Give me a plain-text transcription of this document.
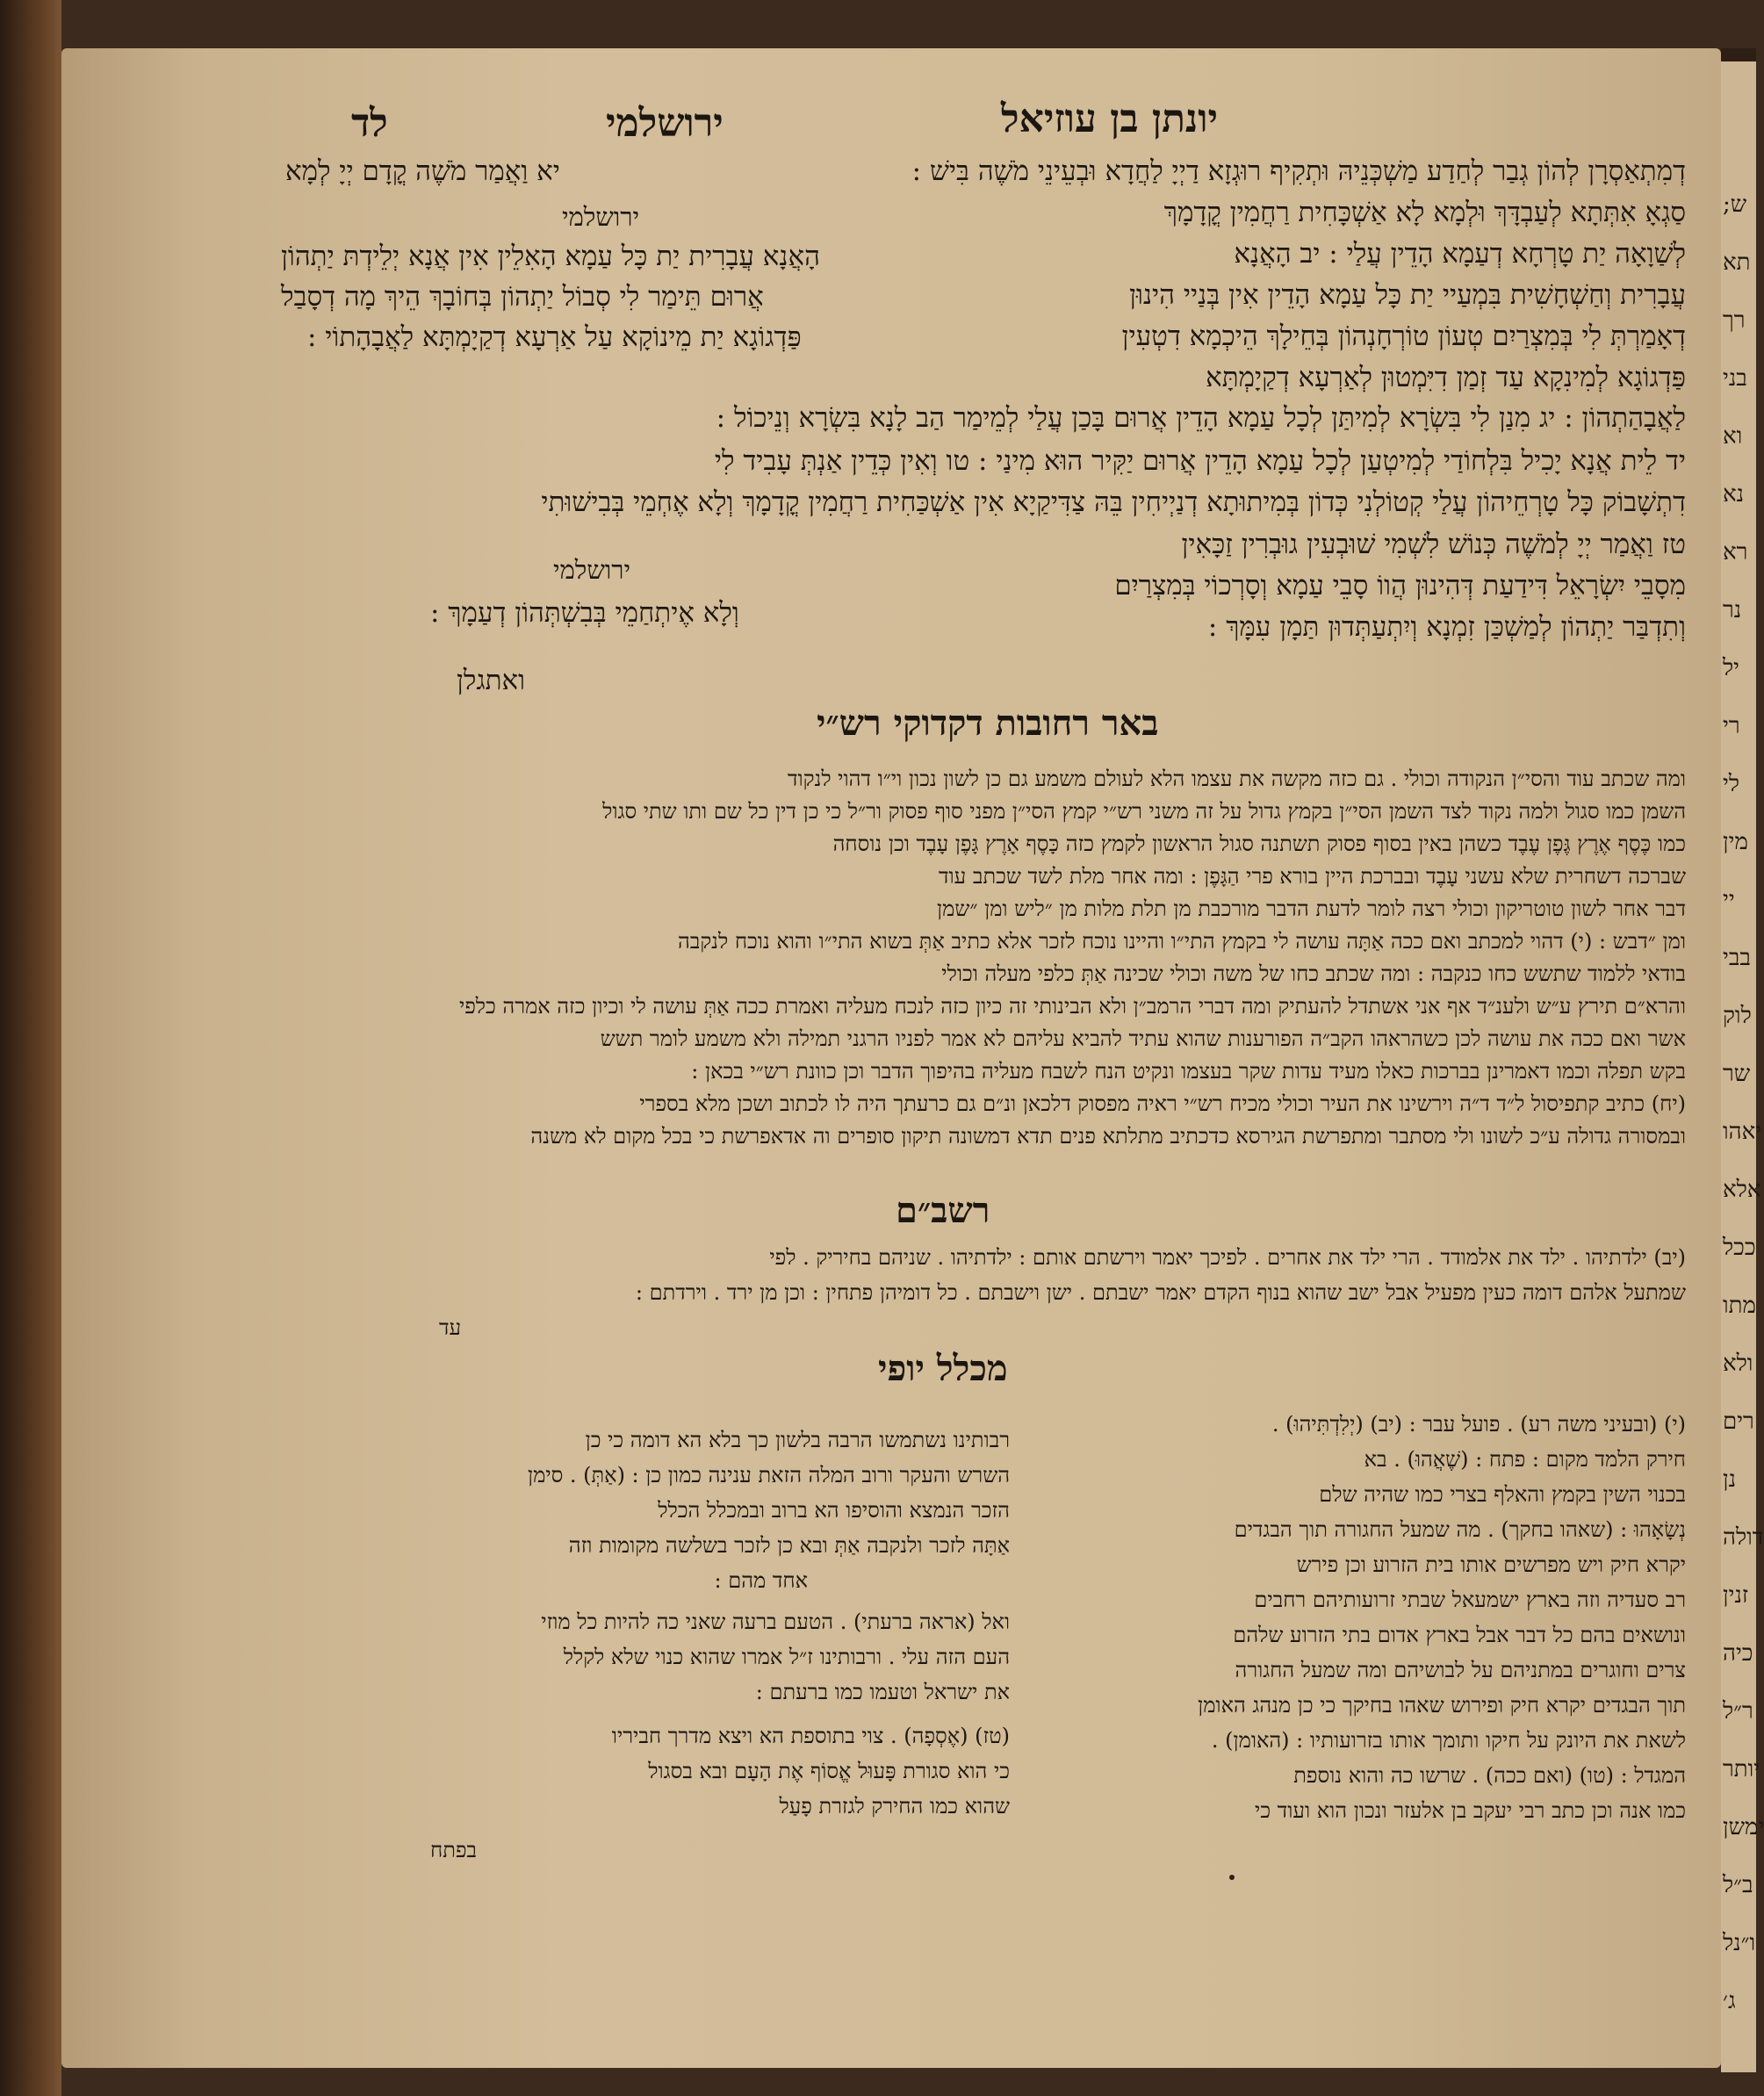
לד	ירושלמי	יונתן בן עוזיאל
דְמִתְאַסְרָן לְהוֹן גְבַר לְחַדַע מַשְׁכְּנֵיהּ וּתְקִיף רוּגְזָא דַיְיָ לַחֲדָא וּבְעֵינֵי מֹשֶׁה בִּישׁ :
סַגְאָ אִתְּתָא לְעַבְדָּךְ וּלְמָא לָא אַשְׁכָּחִית רַחֲמִין קֳדָמָךְ
לְשַׁוָאָה יַת טָרְחָא דְעַמָא הָדֵין עֲלַי : יב הָאֲנָא
עֲבָרִית וְחַשְׁחָשִׁית בִּמְעַיי יַת כָּל עַמָא הָדֵין אִין בְּנַיי הִינוּן
דְאָמַרְתְּ לִי בְּמִצְרַיִם טְעוֹן טוֹרְחָנְהוֹן בְּחֵילָךְ הֵיכְמָא דִטְעִין
פַּדְגוֹגָא לְמִינִקָא עַד זְמַן דִיִּמְטוּן לְאַרְעָא דְקַיָמְתָּא
יא וַאֲמַר מֹשֶׁה קֳדָם יְיָ לְמָא
ירושלמי
הָאֲנָא עֲבָרִית יַת כָּל עַמָא הָאִלֵין אִין אֲנָא יְלֵידְתּ יַתְהוֹן
אֲרוּם תֵּימַר לִי סְבוֹל יַתְהוֹן בְּחוֹבָךְ הֵיךְ מָה דְסָבַל
פַּדְגוֹגָא יַת מֵינוֹקָא עַל אַרְעָא דְקַיָמְתָּא לַאֲבָהָתוֹי :
לַאֲבָהַתְהוֹן : יג מִנַן לִי בִּשְׂרָא לְמִיתַּן לְכָל עַמָא הָדֵין אֲרוּם בָּכַן עֲלַי לְמֵימַר הַב לָנָא בִּשְׂרָא וְנֵיכוֹל :
יד לֵית אֲנָא יָכִיל בִּלְחוֹדַי לְמִיטְעַן לְכָל עַמָא הָדֵין אֲרוּם יַקִּיר הוּא מִינַי : טו וְאִין כְּדֵין אַנְתְּ עָבִיד לִי
דִתְשָׁבוֹק כָּל טָרְחֵיהוֹן עֲלַי קְטוֹלְנִי כְּדוֹן בְּמִיתוּתָא דְנַיְיחִין בֵּהּ צַדִּיקַיָא אִין אַשְׁכַּחִית רַחֲמִין קֳדָמָךְ וְלָא אֶחְמֵי בְּבִישׁוּתִי
טז וַאֲמַר יְיָ לְמֹשֶׁה כְּנוֹשׁ לִשְׁמִי שׁוּבְעִין גוּבְרִין זַכָּאִין
מִסָבֵי יִשְׂרָאֵל דִּידַעַת דְּהִינוּן הֲווֹ סָבֵי עַמָא וְסָרְכוֹי בְּמִצְרַיִם
וְתִדְבַּר יַתְהוֹן לְמַשְׁכַּן זִמְנָא וְיִתְעַתְּדוּן תַּמָן עִמָּךְ :
ירושלמי
וְלָא אֶיתְחַמֵי בְּבִשְׁתְּהוֹן דְעַמָךְ :
ואתגלן
באר רחובות דקדוקי רש״י
ומה שכתב עוד והסי״ן הנקודה וכולי . גם כזה מקשה את עצמו הלא לעולם משמע גם כן לשון נכון וי״ו דהוי לנקוד
השמן כמו סגול ולמה נקוד לצד השמן הסי״ן בקמץ גדול על זה משני רש״י קמץ הסי״ן מפני סוף פסוק ור״ל כי כן דין כל שם ותו שתי סגול
כמו כֶּסֶף אֶרֶץ גֶּפֶן עֶבֶד כשהן באין בסוף פסוק תשתנה סגול הראשון לקמץ כזה כָּסֶף אָרֶץ גָּפֶן עָבֶד וכן נוסחה
שברכה דשחרית שלא עשני עָבֶד ובברכת היין בורא פרי הַגָּפֶן : ומה אחר מלת לשד שכתב עוד
דבר אחר לשון טוטריקון וכולי רצה לומר לדעת הדבר מורכבת מן תלת מלות מן ״ליש ומן ״שמן
ומן ״דבש : (י) דהוי למכתב ואם ככה אַתָּה עושה לי בקמץ התי״ו והיינו נוכח לזכר אלא כתיב אַתְּ בשוא התי״ו והוא נוכח לנקבה
בודאי ללמוד שתשש כחו כנקבה : ומה שכתב כחו של משה וכולי שכינה אַתְּ כלפי מעלה וכולי
והרא״ם תירץ ע״ש ולענ״ד אף אני אשתדל להעתיק ומה דברי הרמב״ן ולא הבינותי זה כיון כזה לנכח מעליה ואמרת ככה אַתְּ עושה לי וכיון כזה אמרה כלפי
אשר ואם ככה את עושה לכן כשהראהו הקב״ה הפורענות שהוא עתיד להביא עליהם לא אמר לפניו הרגני תמילה ולא משמע לומר תשש
בקש תפלה וכמו דאמרינן בברכות כאלו מעיד עדות שקר בעצמו ונקיט הנח לשבח מעליה בהיפוך הדבר וכן כוונת רש״י בכאן :
(יח) כתיב קתפיסול ל״ד ד״ה וירשינו את העיר וכולי מכיח רש״י ראיה מפסוק דלכאן ונ״ם גם כרעתך היה לו לכתוב ושכן מלא בספרי
ובמסורה גדולה ע״כ לשונו ולי מסתבר ומתפרשת הגירסא כדכתיב מתלתא פנים תדא דמשונה תיקון סופרים וה אדאפרשת כי בכל מקום לא משנה
רשב״ם
(יב) ילדתיהו . ילד את אלמודד . הרי ילד את אחרים . לפיכך יאמר וירשתם אותם : ילדתיהו . שניהם בחיריק . לפי
שמתעל אלהם דומה כעין מפעיל אבל ישב שהוא בנוף הקדם יאמר ישבתם . ישן וישבתם . כל דומיהן פתחין : וכן מן ירד . וירדתם :
עד
מכלל יופי
(י) (ובעיני משה רע) . פועל עבר : (יב) (יְלִדְתִּיהוּ) .
חירק הלמד מקום : פתח : (שֶׁאֲהוּ) . בא
בכנוי השין בקמץ והאלף בצרי כמו שהיה שלם
נְשָׂאָהוּ : (שאהו בחקך) . מה שמעל החגורה תוך הבגדים
יקרא חיק ויש מפרשים אותו בית הזרוע וכן פירש
רב סעדיה וזה בארץ ישמעאל שבתי זרועותיהם רחבים
ונושאים בהם כל דבר אבל בארץ אדום בתי הזרוע שלהם
צרים וחוגרים במתניהם על לבושיהם ומה שמעל החגורה
תוך הבגדים יקרא חיק ופירוש שאהו בחיקך כי כן מנהג האומן
לשאת את היונק על חיקו ותומך אותו בזרועותיו : (האומן) .
המגדל : (טו) (ואם ככה) . שרשו כה והוא נוספת
כמו אנה וכן כתב רבי יעקב בן אלעזר ונכון הוא ועוד כי
רבותינו נשתמשו הרבה בלשון כך בלא הא דומה כי כן
השרש והעקר ורוב המלה הזאת ענינה כמון כן : (אַתְּ) . סימן
הזכר הנמצא והוסיפו הא ברוב ובמכלל הכלל
אַתָּה לזכר ולנקבה אַתְּ ובא כן לזכר בשלשה מקומות וזה
אחד מהם :
ואל (אראה ברעתי) . הטעם ברעה שאני כה להיות כל מוזי
העם הזה עלי . ורבותינו ז״ל אמרו שהוא כנוי שלא לקלל
את ישראל וטעמו כמו ברעתם :
(טז) (אֶסְפָה) . צוי בתוספת הא ויצא מדרך חביריו
כי הוא סגורת פָּעוּל אֱסוֹף אֶת הָעָם ובא בסגול
שהוא כמו החירק לגזרת פָעַל
בפתח
ש;
תא
רך
בני
וא
נא
רא
נר
יל
רי
לי
מין
יי
בבי
לוק
שר
יאהו
אלא
ככל
מתו
ולא
רים
נן
דולה
זנין
כיה
ר״ל
יותר
ימשן
ב״ל
ו״נל
ג׳
